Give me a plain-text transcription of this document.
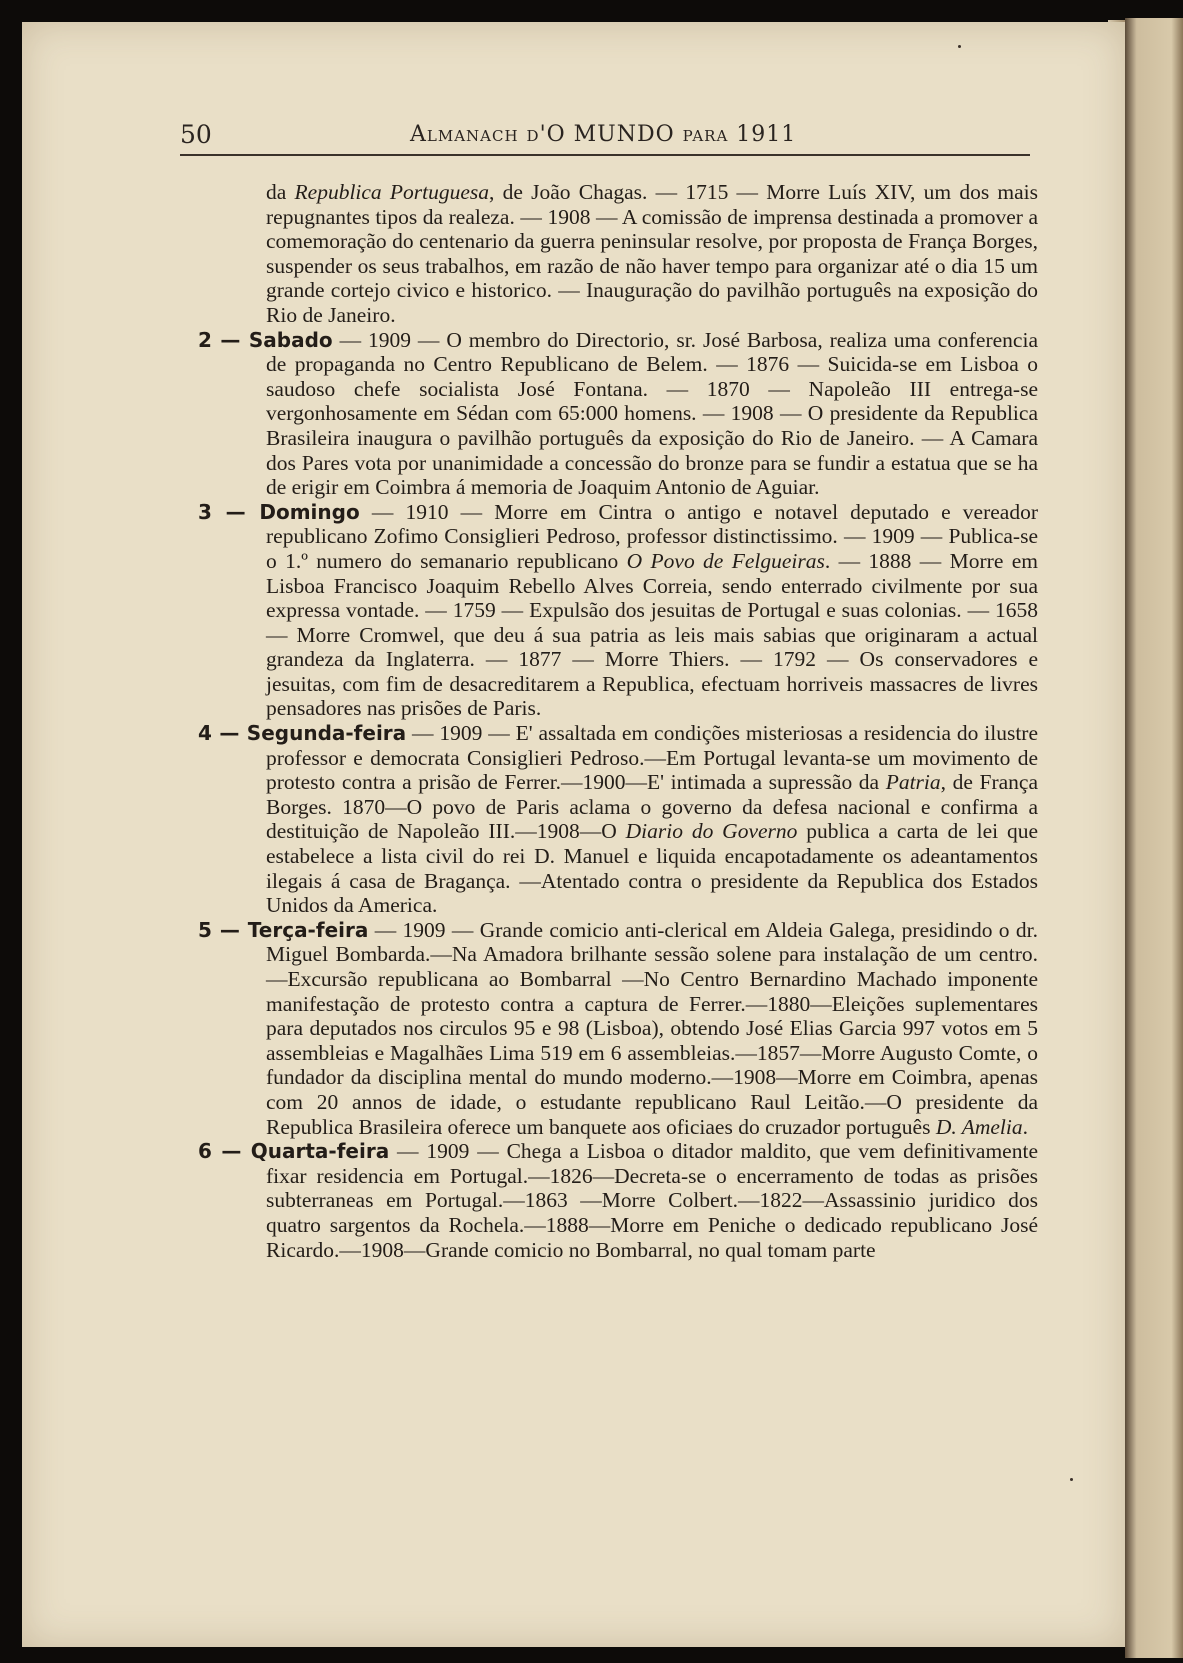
50	Almanach d'O MUNDO para 1911

da Republica Portuguesa, de João Chagas. — 1715 — Morre Luís XIV, um dos mais repugnantes tipos da realeza. — 1908 — A comissão de imprensa destinada a promover a comemoração do centenario da guerra peninsular resolve, por proposta de França Borges, suspender os seus trabalhos, em razão de não haver tempo para organizar até o dia 15 um grande cortejo civico e historico. — Inauguração do pavilhão português na exposição do Rio de Janeiro.

2 — Sabado — 1909 — O membro do Directorio, sr. José Barbosa, realiza uma conferencia de propaganda no Centro Republicano de Belem. — 1876 — Suicida-se em Lisboa o saudoso chefe socialista José Fontana. — 1870 — Napoleão III entrega-se vergonhosamente em Sédan com 65:000 homens. — 1908 — O presidente da Republica Brasileira inaugura o pavilhão português da exposição do Rio de Janeiro. — A Camara dos Pares vota por unanimidade a concessão do bronze para se fundir a estatua que se ha de erigir em Coimbra á memoria de Joaquim Antonio de Aguiar.

3 — Domingo — 1910 — Morre em Cintra o antigo e notavel deputado e vereador republicano Zofimo Consiglieri Pedroso, professor distinctissimo. — 1909 — Publica-se o 1.º numero do semanario republicano O Povo de Felgueiras. — 1888 — Morre em Lisboa Francisco Joaquim Rebello Alves Correia, sendo enterrado civilmente por sua expressa vontade. — 1759 — Expulsão dos jesuitas de Portugal e suas colonias. — 1658 — Morre Cromwel, que deu á sua patria as leis mais sabias que originaram a actual grandeza da Inglaterra. — 1877 — Morre Thiers. — 1792 — Os conservadores e jesuitas, com fim de desacreditarem a Republica, efectuam horriveis massacres de livres pensadores nas prisões de Paris.

4 — Segunda-feira — 1909 — E' assaltada em condições misteriosas a residencia do ilustre professor e democrata Consiglieri Pedroso.—Em Portugal levanta-se um movimento de protesto contra a prisão de Ferrer.—1900—E' intimada a supressão da Patria, de França Borges. 1870—O povo de Paris aclama o governo da defesa nacional e confirma a destituição de Napoleão III.—1908—O Diario do Governo publica a carta de lei que estabelece a lista civil do rei D. Manuel e liquida encapotadamente os adeantamentos ilegais á casa de Bragança. —Atentado contra o presidente da Republica dos Estados Unidos da America.

5 — Terça-feira — 1909 — Grande comicio anti-clerical em Aldeia Galega, presidindo o dr. Miguel Bombarda.—Na Amadora brilhante sessão solene para instalação de um centro.—Excursão republicana ao Bombarral —No Centro Bernardino Machado imponente manifestação de protesto contra a captura de Ferrer.—1880—Eleições suplementares para deputados nos circulos 95 e 98 (Lisboa), obtendo José Elias Garcia 997 votos em 5 assembleias e Magalhães Lima 519 em 6 assembleias.—1857—Morre Augusto Comte, o fundador da disciplina mental do mundo moderno.—1908—Morre em Coimbra, apenas com 20 annos de idade, o estudante republicano Raul Leitão.—O presidente da Republica Brasileira oferece um banquete aos oficiaes do cruzador português D. Amelia.

6 — Quarta-feira — 1909 — Chega a Lisboa o ditador maldito, que vem definitivamente fixar residencia em Portugal.—1826—Decreta-se o encerramento de todas as prisões subterraneas em Portugal.—1863 —Morre Colbert.—1822—Assassinio juridico dos quatro sargentos da Rochela.—1888—Morre em Peniche o dedicado republicano José Ricardo.—1908—Grande comicio no Bombarral, no qual tomam parte
